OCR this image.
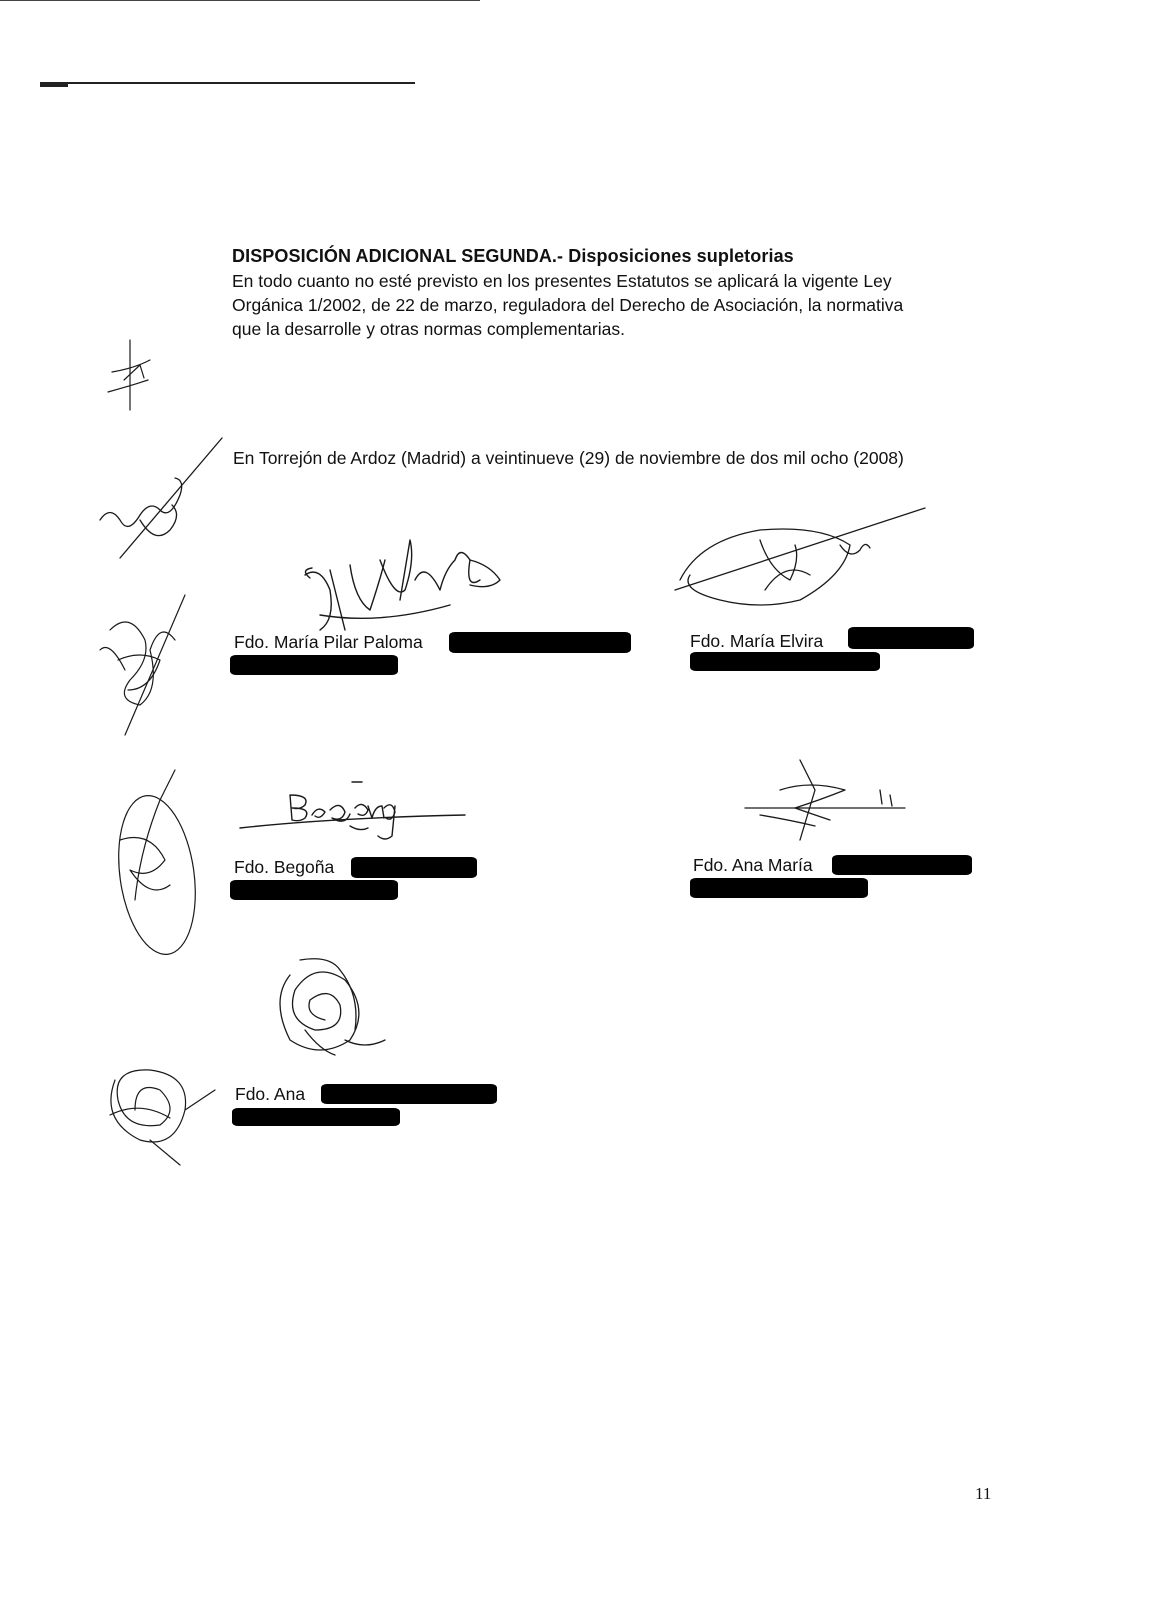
DISPOSICIÓN ADICIONAL SEGUNDA.- Disposiciones supletorias
En todo cuanto no esté previsto en los presentes Estatutos se aplicará la vigente Ley
Orgánica 1/2002, de 22 de marzo, reguladora del Derecho de Asociación, la normativa
que la desarrolle y otras normas complementarias.
En Torrejón de Ardoz (Madrid) a veintinueve (29) de noviembre de dos mil ocho (2008)
Fdo. María Pilar Paloma	Fdo. María Elvira
Fdo. Begoña	Fdo. Ana María
Fdo. Ana
11
